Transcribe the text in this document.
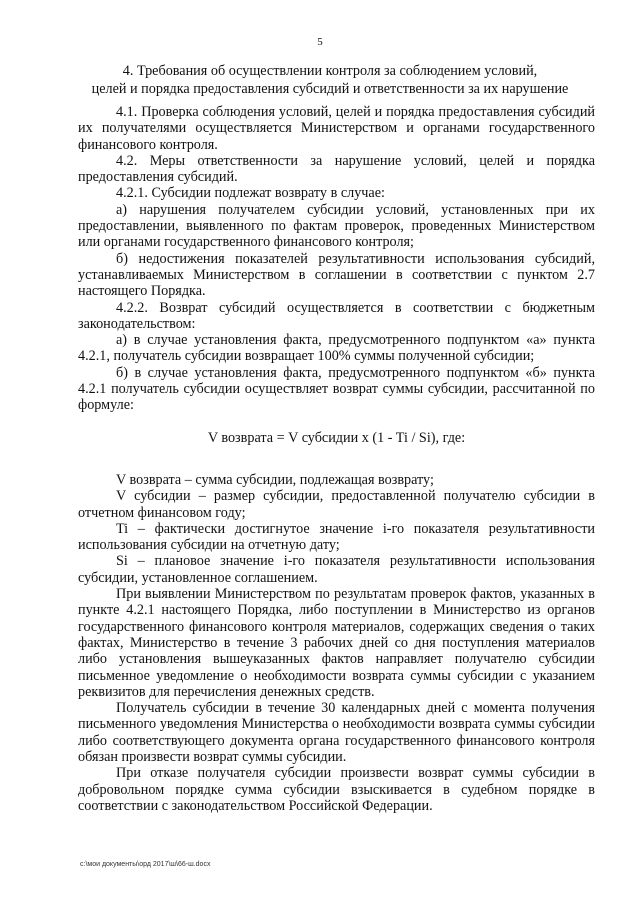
5
4. Требования об осуществлении контроля за соблюдением условий,
целей и порядка предоставления субсидий и ответственности за их нарушение

4.1. Проверка соблюдения условий, целей и порядка предоставления субсидий их получателями осуществляется Министерством и органами государственного финансового контроля.

4.2. Меры ответственности за нарушение условий, целей и порядка предоставления субсидий.

4.2.1. Субсидии подлежат возврату в случае:

а) нарушения получателем субсидии условий, установленных при их предоставлении, выявленного по фактам проверок, проведенных Министерством или органами государственного финансового контроля;

б) недостижения показателей результативности использования субсидий, устанавливаемых Министерством в соглашении в соответствии с пунктом 2.7 настоящего Порядка.

4.2.2. Возврат субсидий осуществляется в соответствии с бюджетным законодательством:

а) в случае установления факта, предусмотренного подпунктом «а» пункта 4.2.1, получатель субсидии возвращает 100% суммы полученной субсидии;

б) в случае установления факта, предусмотренного подпунктом «б» пункта 4.2.1 получатель субсидии осуществляет возврат суммы субсидии, рассчитанной по формуле:

V возврата = V субсидии x (1 - Ti / Si), где:

V возврата – сумма субсидии, подлежащая возврату;

V субсидии – размер субсидии, предоставленной получателю субсидии в отчетном финансовом году;

Ti – фактически достигнутое значение i-го показателя результативности использования субсидии на отчетную дату;

Si – плановое значение i-го показателя результативности использования субсидии, установленное соглашением.

При выявлении Министерством по результатам проверок фактов, указанных в пункте 4.2.1 настоящего Порядка, либо поступлении в Министерство из органов государственного финансового контроля материалов, содержащих сведения о таких фактах, Министерство в течение 3 рабочих дней со дня поступления материалов либо установления вышеуказанных фактов направляет получателю субсидии письменное уведомление о необходимости возврата суммы субсидии с указанием реквизитов для перечисления денежных средств.

Получатель субсидии в течение 30 календарных дней с момента получения письменного уведомления Министерства о необходимости возврата суммы субсидии либо соответствующего документа органа государственного финансового контроля обязан произвести возврат суммы субсидии.

При отказе получателя субсидии произвести возврат суммы субсидии в добровольном порядке сумма субсидии взыскивается в судебном порядке в соответствии с законодательством Российской Федерации.

c:\мои документы\орд 2017\ш\66-ш.docx
